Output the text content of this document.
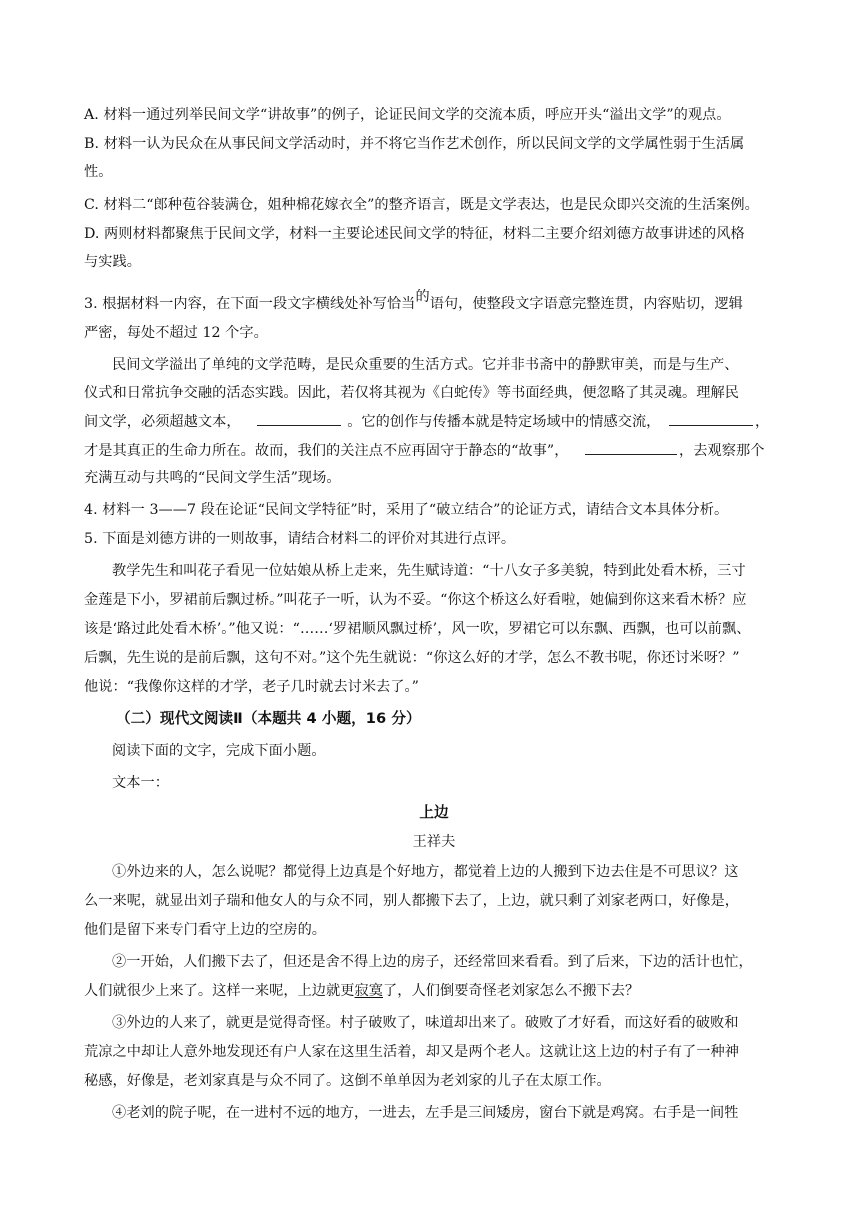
A. 材料一通过列举民间文学“讲故事”的例子，论证民间文学的交流本质，呼应开头“溢出文学”的观点。
B. 材料一认为民众在从事民间文学活动时，并不将它当作艺术创作，所以民间文学的文学属性弱于生活属
性。
C. 材料二“郎种苞谷装满仓，姐种棉花嫁衣全”的整齐语言，既是文学表达，也是民众即兴交流的生活案例。
D. 两则材料都聚焦于民间文学，材料一主要论述民间文学的特征，材料二主要介绍刘德方故事讲述的风格
与实践。
3. 根据材料一内容，在下面一段文字横线处补写恰当的语句，使整段文字语意完整连贯，内容贴切，逻辑
严密，每处不超过 12 个字。
民间文学溢出了单纯的文学范畴，是民众重要的生活方式。它并非书斋中的静默审美，而是与生产、
仪式和日常抗争交融的活态实践。因此，若仅将其视为《白蛇传》等书面经典，便忽略了其灵魂。理解民
间文学，必须超越文本，	。它的创作与传播本就是特定场域中的情感交流，	，
才是其真正的生命力所在。故而，我们的关注点不应再固守于静态的“故事”，	，去观察那个
充满互动与共鸣的“民间文学生活”现场。
4. 材料一 3——7 段在论证“民间文学特征”时，采用了“破立结合”的论证方式，请结合文本具体分析。
5. 下面是刘德方讲的一则故事，请结合材料二的评价对其进行点评。
教学先生和叫花子看见一位姑娘从桥上走来，先生赋诗道：“十八女子多美貌，特到此处看木桥，三寸
金莲是下小，罗裙前后飘过桥。”叫花子一听，认为不妥。“你这个桥这么好看啦，她偏到你这来看木桥？应
该是‘路过此处看木桥’。”他又说：“……‘罗裙顺风飘过桥’，风一吹，罗裙它可以东飘、西飘，也可以前飘、
后飘，先生说的是前后飘，这句不对。”这个先生就说：“你这么好的才学，怎么不教书呢，你还讨米呀？”
他说：“我像你这样的才学，老子几时就去讨米去了。”
（二）现代文阅读Ⅱ（本题共 4 小题，16 分）
阅读下面的文字，完成下面小题。
文本一：
上边
王祥夫
①外边来的人，怎么说呢？都觉得上边真是个好地方，都觉着上边的人搬到下边去住是不可思议？这
么一来呢，就显出刘子瑞和他女人的与众不同，别人都搬下去了，上边，就只剩了刘家老两口，好像是，
他们是留下来专门看守上边的空房的。
②一开始，人们搬下去了，但还是舍不得上边的房子，还经常回来看看。到了后来，下边的活计也忙，
人们就很少上来了。这样一来呢，上边就更寂寞了，人们倒要奇怪老刘家怎么不搬下去？
③外边的人来了，就更是觉得奇怪。村子破败了，味道却出来了。破败了才好看，而这好看的破败和
荒凉之中却让人意外地发现还有户人家在这里生活着，却又是两个老人。这就让这上边的村子有了一种神
秘感，好像是，老刘家真是与众不同了。这倒不单单因为老刘家的儿子在太原工作。
④老刘的院子呢，在一进村不远的地方，一进去，左手是三间矮房，窗台下就是鸡窝。右手是一间牲
